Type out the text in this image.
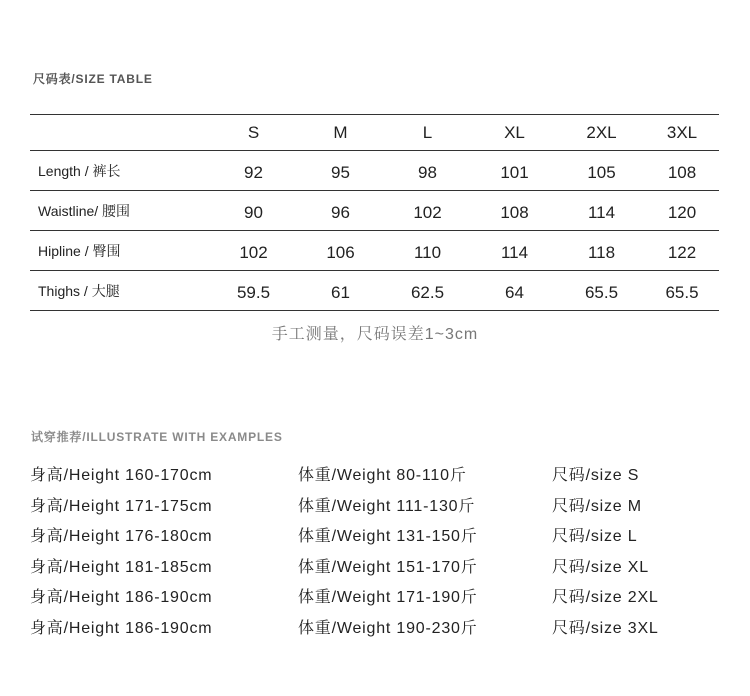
尺码表/SIZE TABLE
	S	M	L	XL	2XL	3XL
Length / 裤长	92	95	98	101	105	108
Waistline/ 腰围	90	96	102	108	114	120
Hipline / 臀围	102	106	110	114	118	122
Thighs / 大腿	59.5	61	62.5	64	65.5	65.5
手工测量，尺码误差1~3cm
试穿推荐/ILLUSTRATE WITH EXAMPLES
身高/Height 160-170cm	体重/Weight 80-110斤	尺码/size S
身高/Height 171-175cm	体重/Weight 111-130斤	尺码/size M
身高/Height 176-180cm	体重/Weight 131-150斤	尺码/size L
身高/Height 181-185cm	体重/Weight 151-170斤	尺码/size XL
身高/Height 186-190cm	体重/Weight 171-190斤	尺码/size 2XL
身高/Height 186-190cm	体重/Weight 190-230斤	尺码/size 3XL
